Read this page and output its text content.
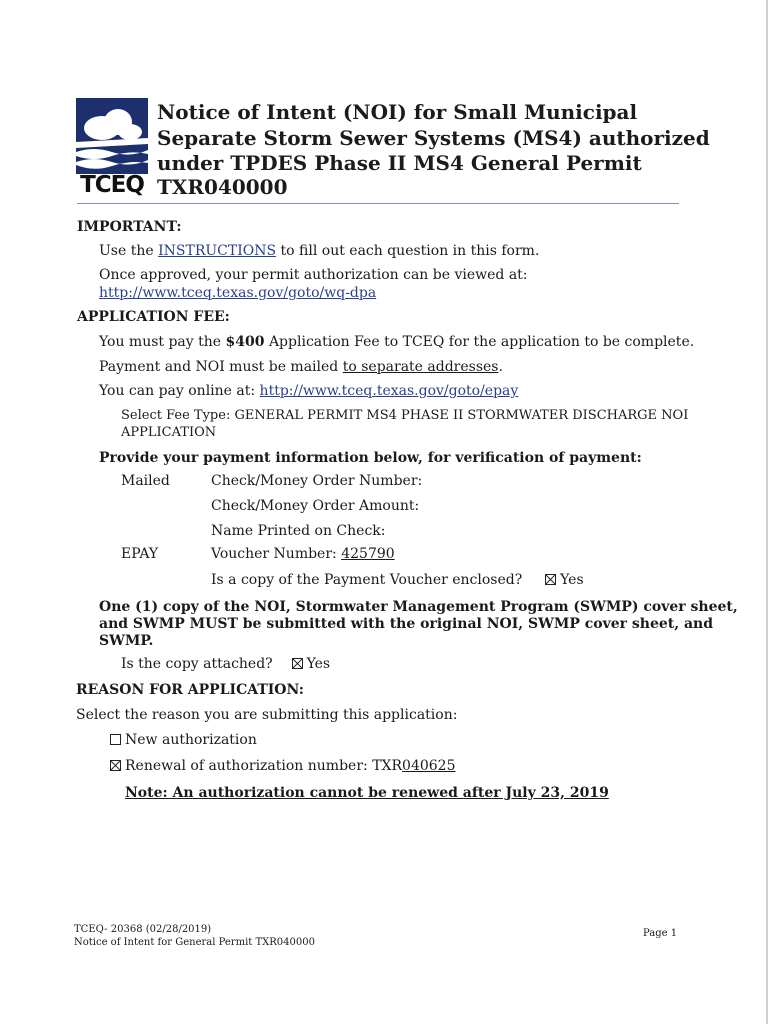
TCEQ
Notice of Intent (NOI) for Small Municipal
Separate Storm Sewer Systems (MS4) authorized
under TPDES Phase II MS4 General Permit
TXR040000
IMPORTANT:
Use the INSTRUCTIONS to fill out each question in this form.
Once approved, your permit authorization can be viewed at:
http://www.tceq.texas.gov/goto/wq-dpa
APPLICATION FEE:
You must pay the $400 Application Fee to TCEQ for the application to be complete.
Payment and NOI must be mailed to separate addresses.
You can pay online at: http://www.tceq.texas.gov/goto/epay
Select Fee Type: GENERAL PERMIT MS4 PHASE II STORMWATER DISCHARGE NOI
APPLICATION
Provide your payment information below, for verification of payment:
Mailed	Check/Money Order Number:
Check/Money Order Amount:
Name Printed on Check:
EPAY	Voucher Number: 425790
Is a copy of the Payment Voucher enclosed?	Yes
One (1) copy of the NOI, Stormwater Management Program (SWMP) cover sheet,
and SWMP MUST be submitted with the original NOI, SWMP cover sheet, and
SWMP.
Is the copy attached? Yes
REASON FOR APPLICATION:
Select the reason you are submitting this application:
New authorization
Renewal of authorization number: TXR040625
Note: An authorization cannot be renewed after July 23, 2019
TCEQ- 20368 (02/28/2019)
Notice of Intent for General Permit TXR040000
Page 1
